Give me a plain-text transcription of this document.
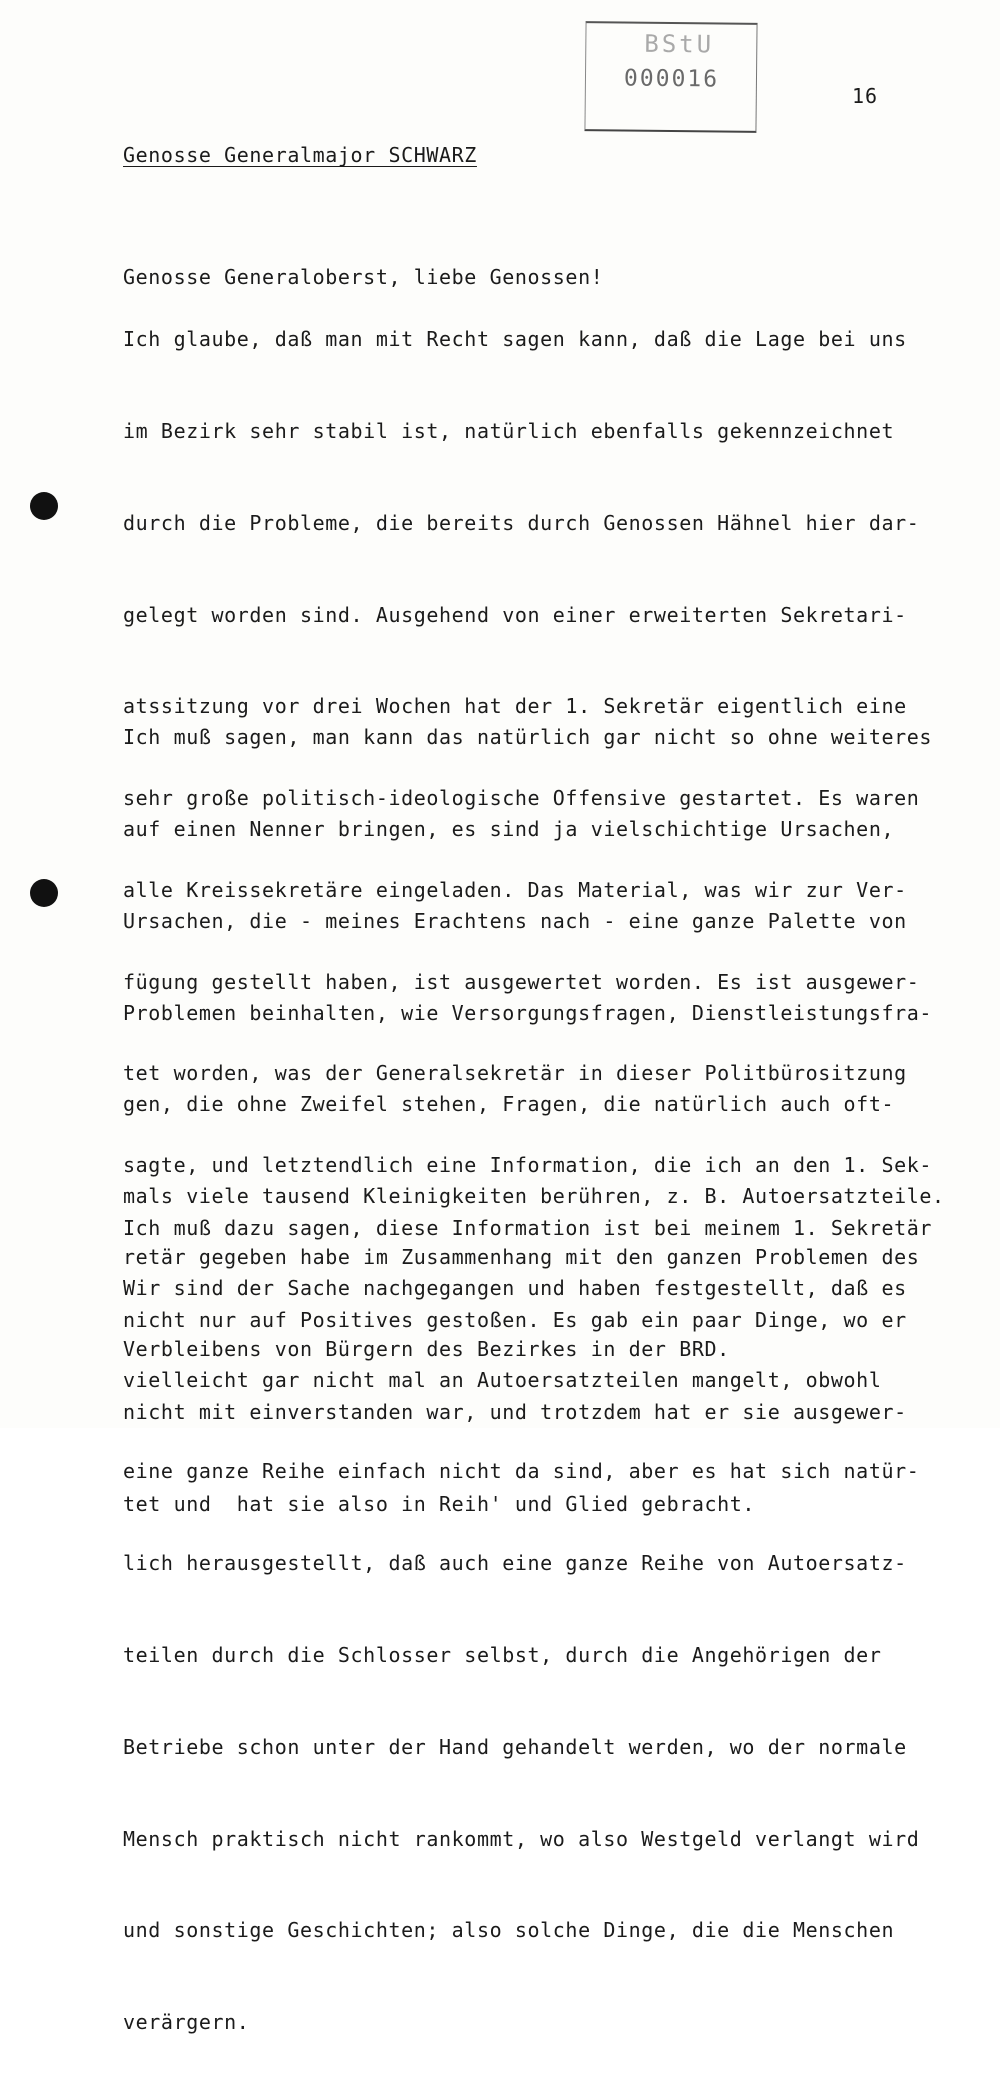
BStU
000016
16
Genosse Generalmajor SCHWARZ

Genosse Generaloberst, liebe Genossen!

Ich glaube, daß man mit Recht sagen kann, daß die Lage bei uns

im Bezirk sehr stabil ist, natürlich ebenfalls gekennzeichnet

durch die Probleme, die bereits durch Genossen Hähnel hier dar-

gelegt worden sind. Ausgehend von einer erweiterten Sekretari-

atssitzung vor drei Wochen hat der 1. Sekretär eigentlich eine

sehr große politisch-ideologische Offensive gestartet. Es waren

alle Kreissekretäre eingeladen. Das Material, was wir zur Ver-

fügung gestellt haben, ist ausgewertet worden. Es ist ausgewer-

tet worden, was der Generalsekretär in dieser Politbürositzung

sagte, und letztendlich eine Information, die ich an den 1. Sek-

retär gegeben habe im Zusammenhang mit den ganzen Problemen des

Verbleibens von Bürgern des Bezirkes in der BRD.

Ich muß sagen, man kann das natürlich gar nicht so ohne weiteres

auf einen Nenner bringen, es sind ja vielschichtige Ursachen,

Ursachen, die - meines Erachtens nach - eine ganze Palette von

Problemen beinhalten, wie Versorgungsfragen, Dienstleistungsfra-

gen, die ohne Zweifel stehen, Fragen, die natürlich auch oft-

mals viele tausend Kleinigkeiten berühren, z. B. Autoersatzteile.

Wir sind der Sache nachgegangen und haben festgestellt, daß es

vielleicht gar nicht mal an Autoersatzteilen mangelt, obwohl

eine ganze Reihe einfach nicht da sind, aber es hat sich natür-

lich herausgestellt, daß auch eine ganze Reihe von Autoersatz-

teilen durch die Schlosser selbst, durch die Angehörigen der

Betriebe schon unter der Hand gehandelt werden, wo der normale

Mensch praktisch nicht rankommt, wo also Westgeld verlangt wird

und sonstige Geschichten; also solche Dinge, die die Menschen

verärgern.

Ich muß dazu sagen, diese Information ist bei meinem 1. Sekretär

nicht nur auf Positives gestoßen. Es gab ein paar Dinge, wo er

nicht mit einverstanden war, und trotzdem hat er sie ausgewer-

tet und  hat sie also in Reih' und Glied gebracht.
